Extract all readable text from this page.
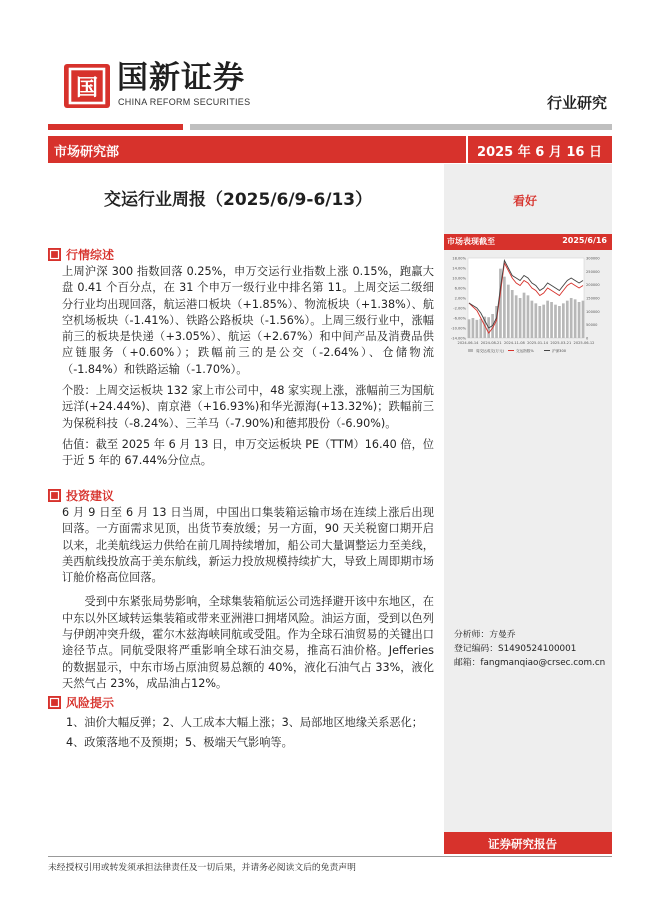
国 国新证券
CHINA REFORM SECURITIES	行业研究
市场研究部	2025 年 6 月 16 日
交运行业周报（2025/6/9-6/13）
行情综述

上周沪深 300 指数回落 0.25%，申万交运行业指数上涨 0.15%，跑赢大盘 0.41 个百分点，在 31 个申万一级行业中排名第 11。上周交运二级细分行业均出现回落，航运港口板块（+1.85%）、物流板块（+1.38%）、航空机场板块（-1.41%）、铁路公路板块（-1.56%）。上周三级行业中，涨幅前三的板块是快递（+3.05%）、航运（+2.67%）和中间产品及消费品供应链服务（+0.60%）；跌幅前三的是公交（-2.64%）、仓储物流（-1.84%）和铁路运输（-1.70%）。

个股：上周交运板块 132 家上市公司中，48 家实现上涨，涨幅前三为国航远洋(+24.44%)、南京港（+16.93%)和华光源海(+13.32%)；跌幅前三为保税科技（-8.24%）、三羊马（-7.90%)和德邦股份（-6.90%)。

估值：截至 2025 年 6 月 13 日，申万交运板块 PE（TTM）16.40 倍，位于近 5 年的 67.44%分位点。

投资建议

6 月 9 日至 6 月 13 日当周，中国出口集装箱运输市场在连续上涨后出现回落。一方面需求见顶，出货节奏放缓；另一方面，90 天关税窗口期开启以来，北美航线运力供给在前几周持续增加，船公司大量调整运力至美线，美西航线投放高于美东航线，新运力投放规模持续扩大，导致上周即期市场订舱价格高位回落。

　　受到中东紧张局势影响，全球集装箱航运公司选择避开该中东地区，在中东以外区域转运集装箱或带来亚洲港口拥堵风险。油运方面，受到以色列与伊朗冲突升级，霍尔木兹海峡同航或受阻。作为全球石油贸易的关键出口途径节点。同航受限将严重影响全球石油交易，推高石油价格。Jefferies 的数据显示，中东市场占原油贸易总额的 40%，液化石油气占 33%，液化天然气占 23%，成品油占12%。

风险提示
1、油价大幅反弹；2、人工成本大幅上涨；3、局部地区地缘关系恶化；
4、政策落地不及预期；5、极端天气影响等。
看好
市场表现截至	2025/6/16
18.00%
14.00%
10.00%
6.00%
2.00%
-2.00%
-6.00%
-10.00%
-14.00%
300000
250000
200000
150000
100000
50000
0
2024-06-14 2024-08-21 2024-11-08 2025-01-14 2025-03-21 2025-06-12
周交运成交(万元)	交运指数%	沪深300
分析师：方曼乔
登记编码：S1490524100001
邮箱：fangmanqiao@crsec.com.cn
证券研究报告
未经授权引用或转发须承担法律责任及一切后果，并请务必阅读文后的免责声明
